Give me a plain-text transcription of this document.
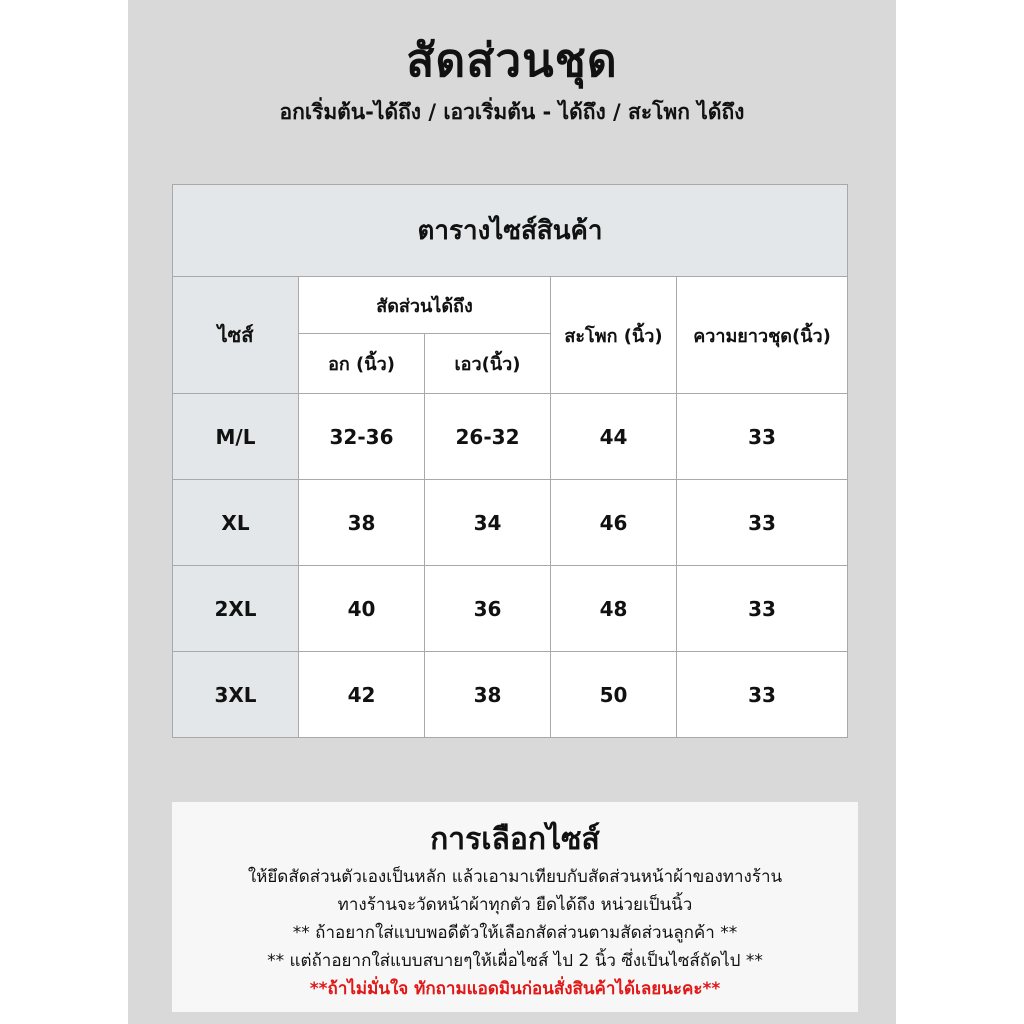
สัดส่วนชุด
อกเริ่มต้น-ได้ถึง / เอวเริ่มต้น - ได้ถึง / สะโพก ได้ถึง
ตารางไซส์สินค้า				
ไซส์	สัดส่วนได้ถึง		สะโพก (นิ้ว)	ความยาวชุด(นิ้ว)
	อก (นิ้ว)	เอว(นิ้ว)		
M/L	32-36	26-32	44	33
XL	38	34	46	33
2XL	40	36	48	33
3XL	42	38	50	33
การเลือกไซส์
ให้ยึดสัดส่วนตัวเองเป็นหลัก แล้วเอามาเทียบกับสัดส่วนหน้าผ้าของทางร้าน
ทางร้านจะวัดหน้าผ้าทุกตัว ยืดได้ถึง หน่วยเป็นนิ้ว
** ถ้าอยากใส่แบบพอดีตัวให้เลือกสัดส่วนตามสัดส่วนลูกค้า **
** แต่ถ้าอยากใส่แบบสบายๆให้เผื่อไซส์ ไป 2 นิ้ว ซึ่งเป็นไซส์ถัดไป **
**ถ้าไม่มั่นใจ ทักถามแอดมินก่อนสั่งสินค้าได้เลยนะคะ**
